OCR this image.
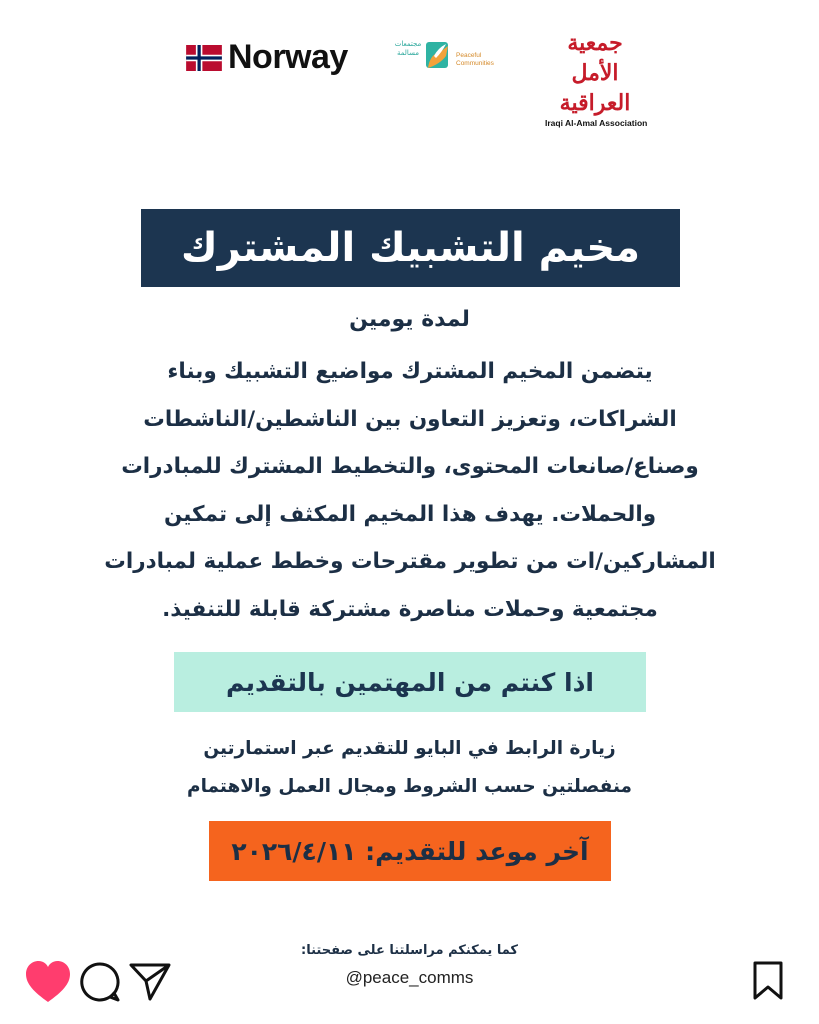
Norway	مجتمعات
مسالمة	Peaceful
Communities
جمعية الأمل العراقية
Iraqi Al-Amal Association
مخيم التشبيك المشترك
لمدة يومين
يتضمن المخيم المشترك مواضيع التشبيك وبناء
الشراكات، وتعزيز التعاون بين الناشطين/الناشطات
وصناع/صانعات المحتوى، والتخطيط المشترك للمبادرات
والحملات. يهدف هذا المخيم المكثف إلى تمكين
المشاركين/ات من تطوير مقترحات وخطط عملية لمبادرات
مجتمعية وحملات مناصرة مشتركة قابلة للتنفيذ.
اذا كنتم من المهتمين بالتقديم
زيارة الرابط في البايو للتقديم عبر استمارتين
منفصلتين حسب الشروط ومجال العمل والاهتمام
آخر موعد للتقديم: ٢٠٢٦/٤/١١
كما يمكنكم مراسلتنا على صفحتنا:
@peace_comms
